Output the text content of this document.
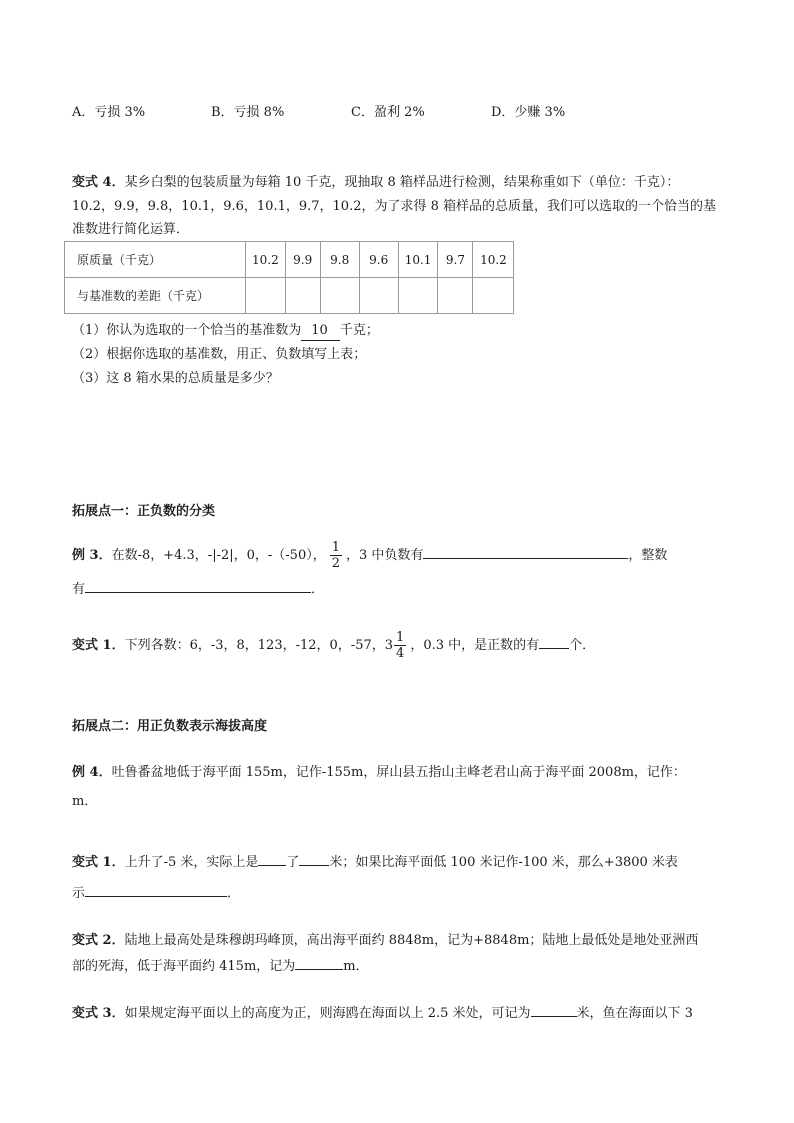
A．亏损 3%	B．亏损 8%	C．盈利 2%	D．少赚 3%
变式 4．某乡白梨的包装质量为每箱 10 千克，现抽取 8 箱样品进行检测，结果称重如下（单位：千克）：
10.2，9.9，9.8，10.1，9.6，10.1，9.7，10.2，为了求得 8 箱样品的总质量，我们可以选取的一个恰当的基
准数进行简化运算．
原质量（千克）	10.2	9.9	9.8	9.6	10.1	9.7	10.2
与基准数的差距（千克）							
（1）你认为选取的一个恰当的基准数为 10 千克；
（2）根据你选取的基准数，用正、负数填写上表；
（3）这 8 箱水果的总质量是多少？
拓展点一：正负数的分类
例 3．在数-8，+4.3，-|-2|，0，-（-50）， $\frac{1}{2}$ ，3 中负数有	，整数
有	．
变式 1．下列各数：6，-3，8，123，-12，0，-57， $3 \frac{1}{4}$ ，0.3 中，是正数的有 个．
拓展点二：用正负数表示海拔高度
例 4．吐鲁番盆地低于海平面 155m，记作-155m，屏山县五指山主峰老君山高于海平面 2008m，记作：
m．
变式 1．上升了-5 米，实际上是 了 米；如果比海平面低 100 米记作-100 米，那么+3800 米表
示	．
变式 2．陆地上最高处是珠穆朗玛峰顶，高出海平面约 8848m，记为+8848m；陆地上最低处是地处亚洲西
部的死海，低于海平面约 415m，记为	m．
变式 3．如果规定海平面以上的高度为正，则海鸥在海面以上 2.5 米处，可记为	米，鱼在海面以下 3
